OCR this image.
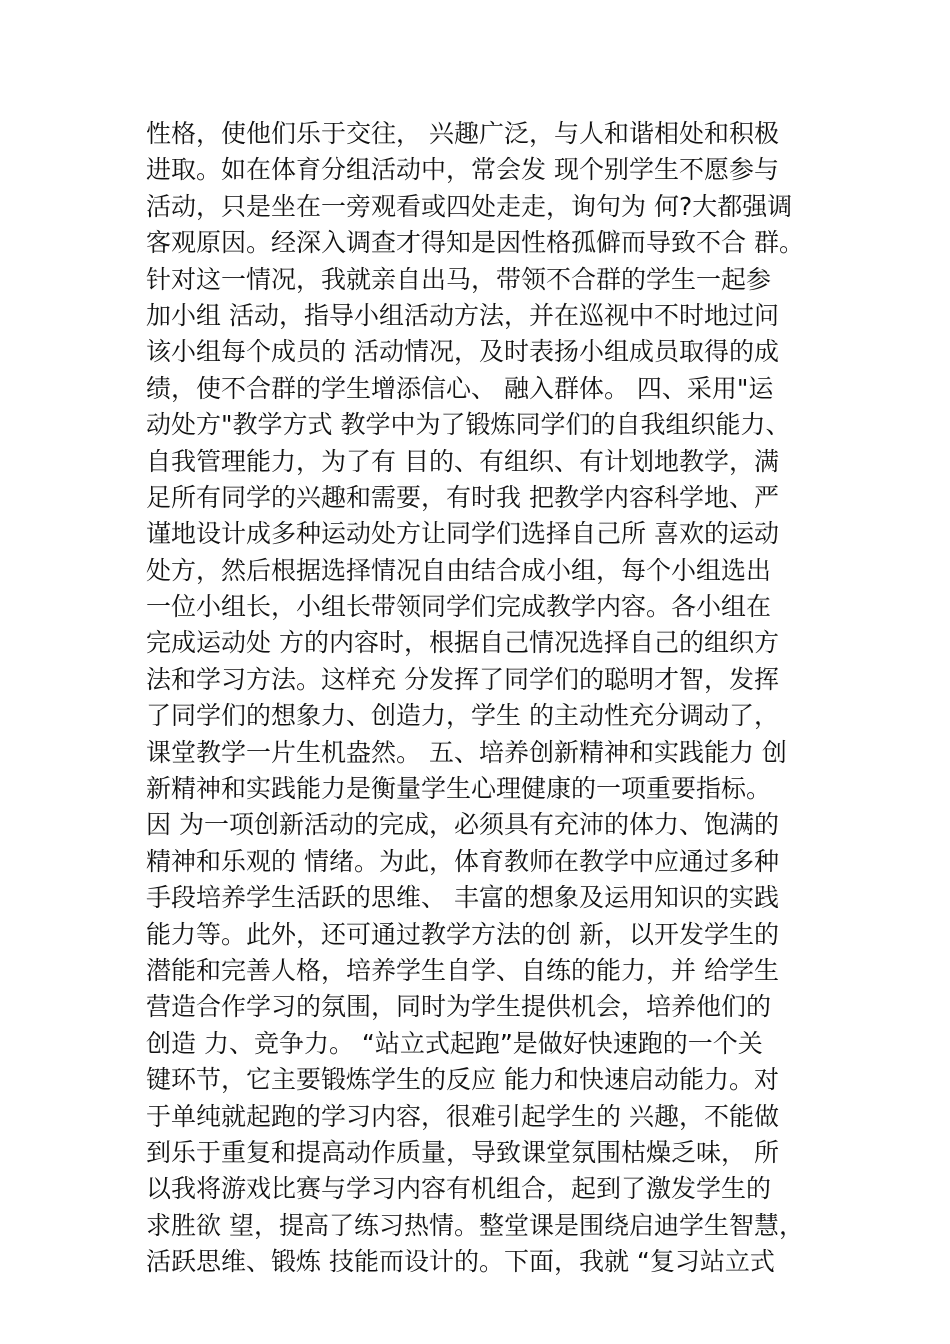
性格，使他们乐于交往， 兴趣广泛，与人和谐相处和积极
进取。如在体育分组活动中，常会发 现个别学生不愿参与
活动，只是坐在一旁观看或四处走走，询句为 何?大都强调
客观原因。经深入调查才得知是因性格孤僻而导致不合 群。
针对这一情况，我就亲自出马，带领不合群的学生一起参
加小组 活动，指导小组活动方法，并在巡视中不时地过问
该小组每个成员的 活动情况，及时表扬小组成员取得的成
绩，使不合群的学生增添信心、 融入群体。 四、采用"运
动处方"教学方式 教学中为了锻炼同学们的自我组织能力、
自我管理能力，为了有 目的、有组织、有计划地教学，满
足所有同学的兴趣和需要，有时我 把教学内容科学地、严
谨地设计成多种运动处方让同学们选择自己所 喜欢的运动
处方，然后根据选择情况自由结合成小组，每个小组选出
一位小组长，小组长带领同学们完成教学内容。各小组在
完成运动处 方的内容时，根据自己情况选择自己的组织方
法和学习方法。这样充 分发挥了同学们的聪明才智，发挥
了同学们的想象力、创造力，学生 的主动性充分调动了，
课堂教学一片生机盎然。 五、培养创新精神和实践能力 创
新精神和实践能力是衡量学生心理健康的一项重要指标。
因 为一项创新活动的完成，必须具有充沛的体力、饱满的
精神和乐观的 情绪。为此，体育教师在教学中应通过多种
手段培养学生活跃的思维、 丰富的想象及运用知识的实践
能力等。此外，还可通过教学方法的创 新，以开发学生的
潜能和完善人格，培养学生自学、自练的能力，并 给学生
营造合作学习的氛围，同时为学生提供机会，培养他们的
创造 力、竞争力。 “站立式起跑”是做好快速跑的一个关
键环节，它主要锻炼学生的反应 能力和快速启动能力。对
于单纯就起跑的学习内容，很难引起学生的 兴趣，不能做
到乐于重复和提高动作质量，导致课堂氛围枯燥乏味， 所
以我将游戏比赛与学习内容有机组合，起到了激发学生的
求胜欲 望，提高了练习热情。整堂课是围绕启迪学生智慧，
活跃思维、锻炼 技能而设计的。下面，我就 “复习站立式
